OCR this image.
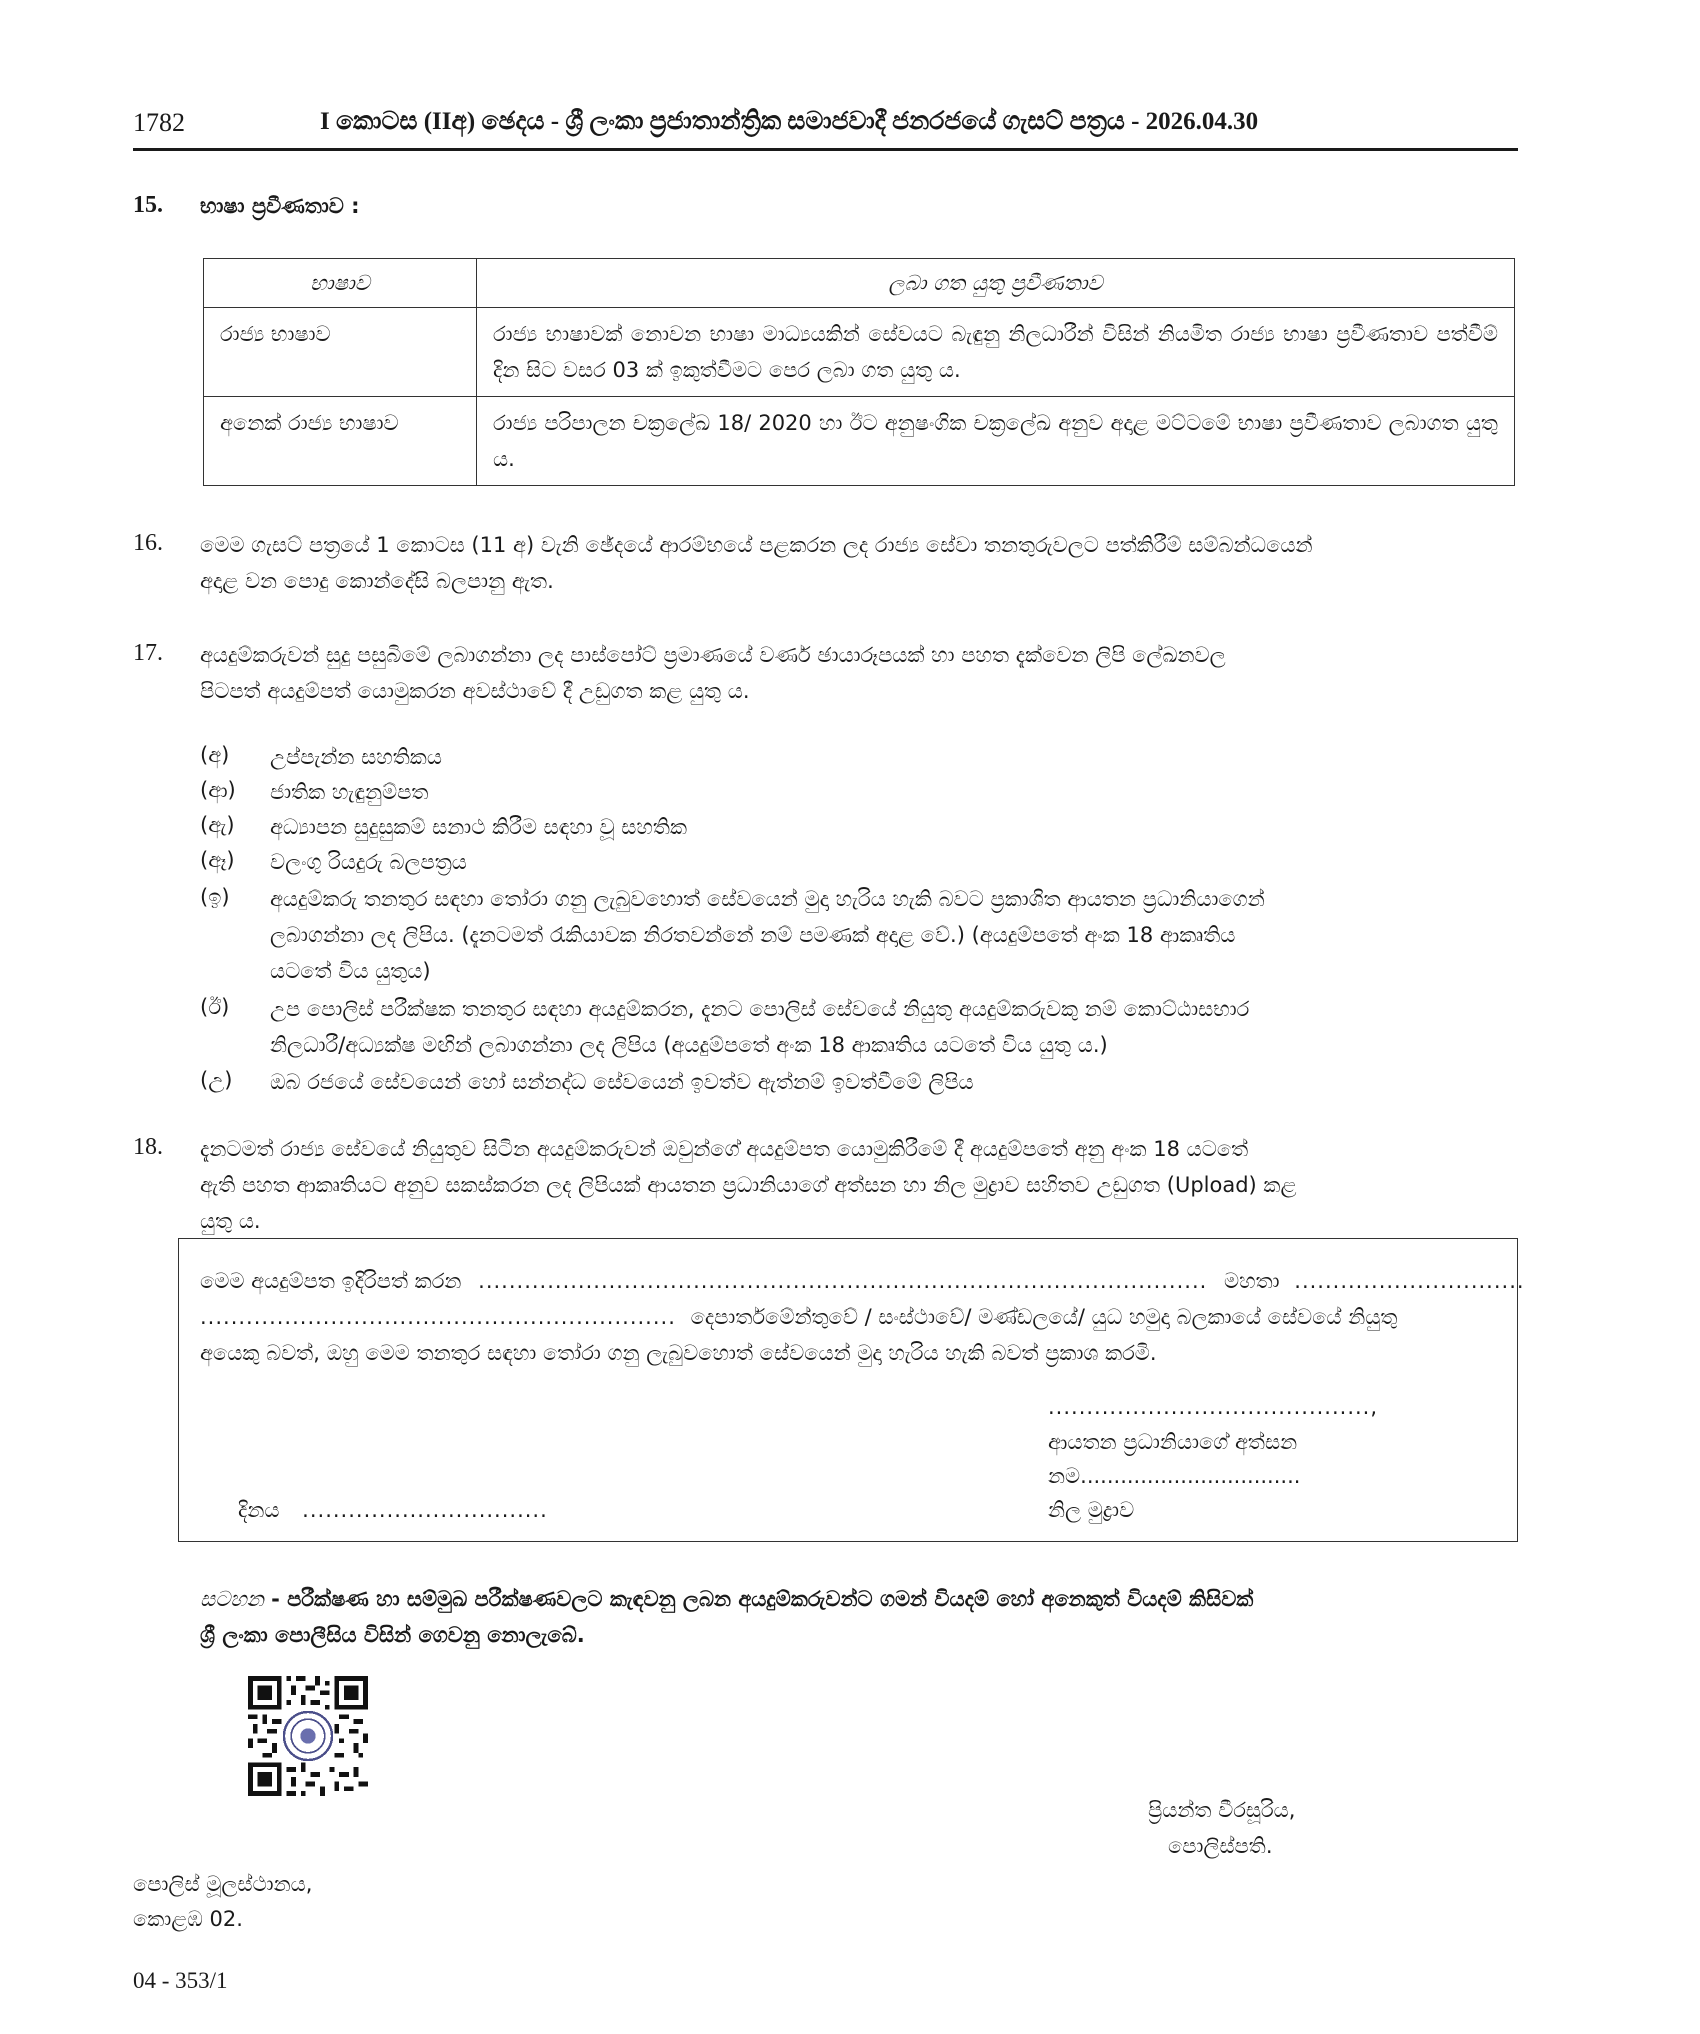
1782	I කොටස (IIඅ) ඡෙදය - ශ්‍රී ලංකා ප්‍රජාතාන්ත්‍රික සමාජවාදී ජනරජයේ ගැසට් පත්‍රය - 2026.04.30
15. භාෂා ප්‍රවීණතාව :
භාෂාව	ලබා ගත යුතු ප්‍රවීණතාව
රාජ්‍ය භාෂාව	රාජ්‍ය භාෂාවක් නොවන භාෂා මාධ්‍යයකින් සේවයට බැඳුනු නිලධාරීන් විසින් නියමිත රාජ්‍ය භාෂා ප්‍රවීණතාව පත්වීම් දින සිට වසර 03 ක් ඉකුත්වීමට පෙර ලබා ගත යුතු ය.
අනෙක් රාජ්‍ය භාෂාව	රාජ්‍ය පරිපාලන චක්‍රලේඛ 18/ 2020 හා ඊට අනුෂංගික චක්‍රලේඛ අනුව අදාළ මට්ටමේ භාෂා ප්‍රවීණතාව ලබාගත යුතු ය.
16. මෙම ගැසට් පත්‍රයේ 1 කොටස (11 අ) වැනි ඡේදයේ ආරම්භයේ පළකරන ලද රාජ්‍ය සේවා තනතුරුවලට පත්කිරීම් සම්බන්ධයෙන්
අදාළ වන පොදු කොන්දේසි බලපානු ඇත.
17. අයදුම්කරුවන් සුදු පසුබිමේ ලබාගන්නා ලද පාස්පෝට් ප්‍රමාණයේ වර්ණ ඡායාරූපයක් හා පහත දැක්වෙන ලිපි ලේඛනවල
පිටපත් අයදුම්පත් යොමුකරන අවස්ථාවේ දී උඩුගත කළ යුතු ය.
(අ) උප්පැන්න සහතිකය
(ආ) ජාතික හැඳුනුම්පත
(ඇ) අධ්‍යාපන සුදුසුකම් සනාථ කිරීම සඳහා වූ සහතික
(ඈ) වලංගු රියදුරු බලපත්‍රය
(ඉ) අයදුම්කරු තනතුර සඳහා තෝරා ගනු ලැබුවහොත් සේවයෙන් මුදා හැරිය හැකි බවට ප්‍රකාශිත ආයතන ප්‍රධානියාගෙන්
ලබාගන්නා ලද ලිපිය. (දැනටමත් රැකියාවක නිරතවන්නේ නම් පමණක් අදාළ වේ.) (අයදුම්පතේ අංක 18 ආකෘතිය
යටතේ විය යුතුය)
(ඊ) උප පොලිස් පරීක්ෂක තනතුර සඳහා අයදුම්කරන, දැනට පොලිස් සේවයේ නියුතු අයදුම්කරුවකු නම් කොට්ඨාසභාර
නිලධාරී/අධ්‍යක්ෂ මඟින් ලබාගන්නා ලද ලිපිය (අයදුම්පතේ අංක 18 ආකෘතිය යටතේ විය යුතු ය.)
(උ) ඔබ රජයේ සේවයෙන් හෝ සන්නද්ධ සේවයෙන් ඉවත්ව ඇත්නම් ඉවත්වීමේ ලිපිය
18. දැනටමත් රාජ්‍ය සේවයේ නියුතුව සිටින අයදුම්කරුවන් ඔවුන්ගේ අයදුම්පත යොමුකිරීමේ දී අයදුම්පතේ අනු අංක 18 යටතේ
ඇති පහත ආකෘතියට අනුව සකස්කරන ලද ලිපියක් ආයතන ප්‍රධානියාගේ අත්සන හා නිල මුද්‍රාව සහිතව උඩුගත (Upload) කළ
යුතු ය.
මෙම අයදුම්පත ඉදිරිපත් කරන ............................................................................................... මහතා ..............................
.............................................................. දෙපාර්තමේන්තුවේ / සංස්ථාවේ/ මණ්ඩලයේ/ යුධ හමුදා බලකායේ සේවයේ නියුතු
අයෙකු බවත්, ඔහු මෙම තනතුර සඳහා තෝරා ගනු ලැබුවහොත් සේවයෙන් මුදා හැරිය හැකි බවත් ප්‍රකාශ කරමි.
..........................................,
ආයතන ප්‍රධානියාගේ අත්සන
නම.................................
නිල මුද්‍රාව
දිනය ................................
සටහන - පරීක්ෂණ හා සම්මුඛ පරීක්ෂණවලට කැඳවනු ලබන අයදුම්කරුවන්ට ගමන් වියදම් හෝ අනෙකුත් වියදම් කිසිවක්
ශ්‍රී ලංකා පොලීසිය විසින් ගෙවනු නොලැබේ.
ප්‍රියන්ත වීරසූරිය,
පොලිස්පති.
පොලිස් මූලස්ථානය,
කොළඹ 02.
04 - 353/1
